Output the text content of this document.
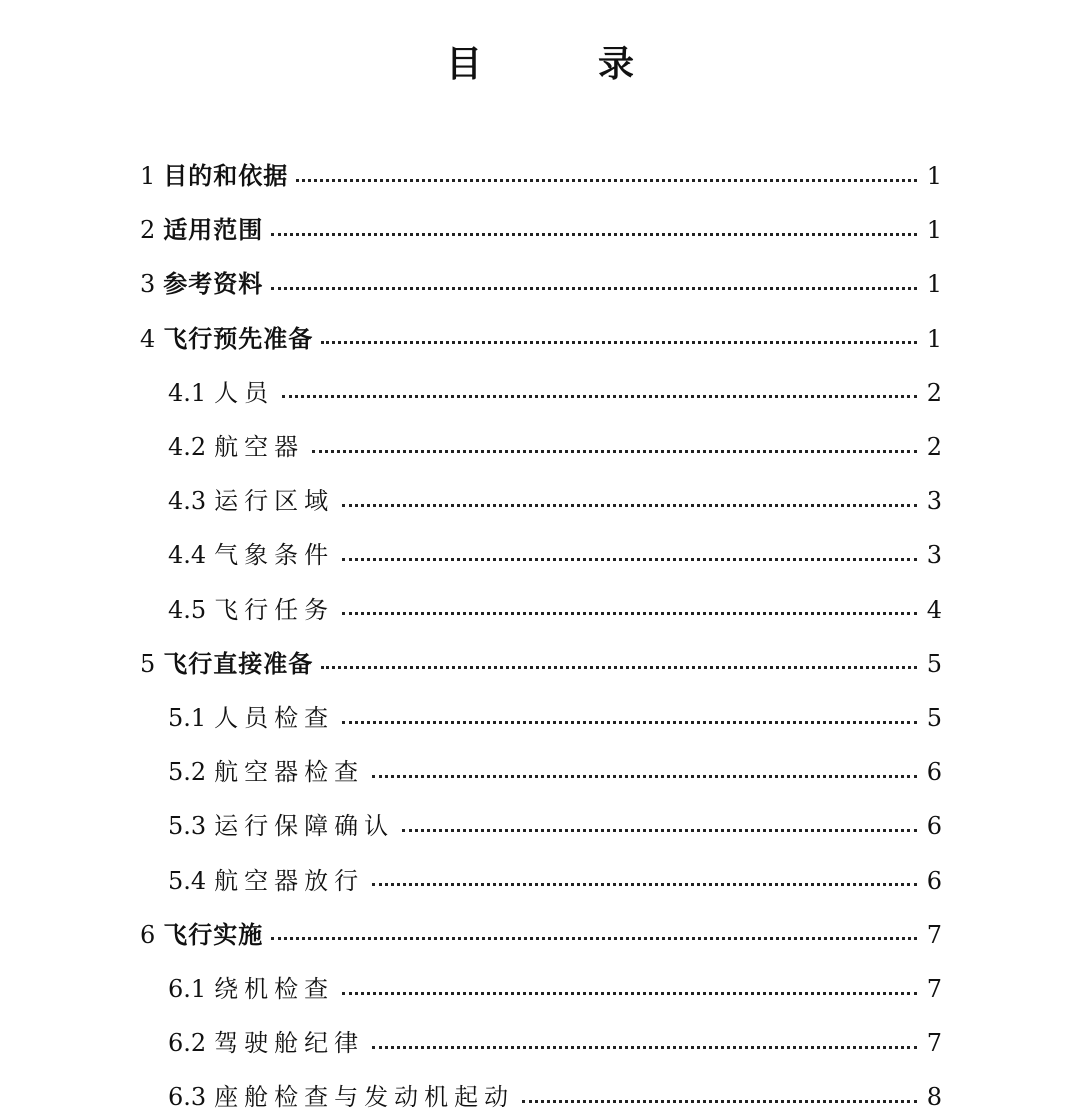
目　录
1 目的和依据	1
2 适用范围	1
3 参考资料	1
4 飞行预先准备	1
4.1 人员	2
4.2 航空器	2
4.3 运行区域	3
4.4 气象条件	3
4.5 飞行任务	4
5 飞行直接准备	5
5.1 人员检查	5
5.2 航空器检查	6
5.3 运行保障确认	6
5.4 航空器放行	6
6 飞行实施	7
6.1 绕机检查	7
6.2 驾驶舱纪律	7
6.3 座舱检查与发动机起动	8
